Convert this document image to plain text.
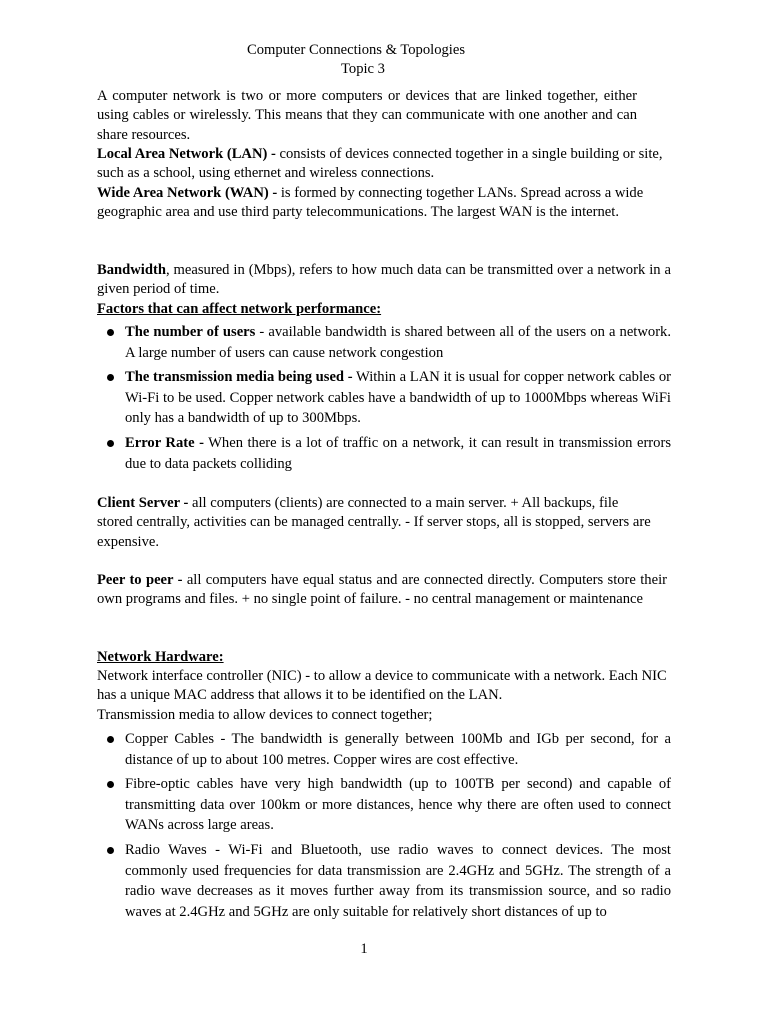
Computer Connections & Topologies
Topic 3

A computer network is two or more computers or devices that are linked together, either using cables or wirelessly. This means that they can communicate with one another and can share resources.

Local Area Network (LAN) - consists of devices connected together in a single building or site, such as a school, using ethernet and wireless connections.

Wide Area Network (WAN) - is formed by connecting together LANs. Spread across a wide geographic area and use third party telecommunications. The largest WAN is the internet.

Bandwidth, measured in (Mbps), refers to how much data can be transmitted over a network in a given period of time.

Factors that can affect network performance:

The number of users - available bandwidth is shared between all of the users on a network. A large number of users can cause network congestion
The transmission media being used - Within a LAN it is usual for copper network cables or Wi-Fi to be used. Copper network cables have a bandwidth of up to 1000Mbps whereas WiFi only has a bandwidth of up to 300Mbps.
Error Rate - When there is a lot of traffic on a network, it can result in transmission errors due to data packets colliding

Client Server - all computers (clients) are connected to a main server. + All backups, file stored centrally, activities can be managed centrally. - If server stops, all is stopped, servers are expensive.

Peer to peer - all computers have equal status and are connected directly. Computers store their own programs and files. + no single point of failure. - no central management or maintenance

Network Hardware:

Network interface controller (NIC) - to allow a device to communicate with a network. Each NIC has a unique MAC address that allows it to be identified on the LAN.

Transmission media to allow devices to connect together;

Copper Cables - The bandwidth is generally between 100Mb and IGb per second, for a distance of up to about 100 metres. Copper wires are cost effective.
Fibre-optic cables have very high bandwidth (up to 100TB per second) and capable of transmitting data over 100km or more distances, hence why there are often used to connect WANs across large areas.
Radio Waves - Wi-Fi and Bluetooth, use radio waves to connect devices. The most commonly used frequencies for data transmission are 2.4GHz and 5GHz. The strength of a radio wave decreases as it moves further away from its transmission source, and so radio waves at 2.4GHz and 5GHz are only suitable for relatively short distances of up to
1
